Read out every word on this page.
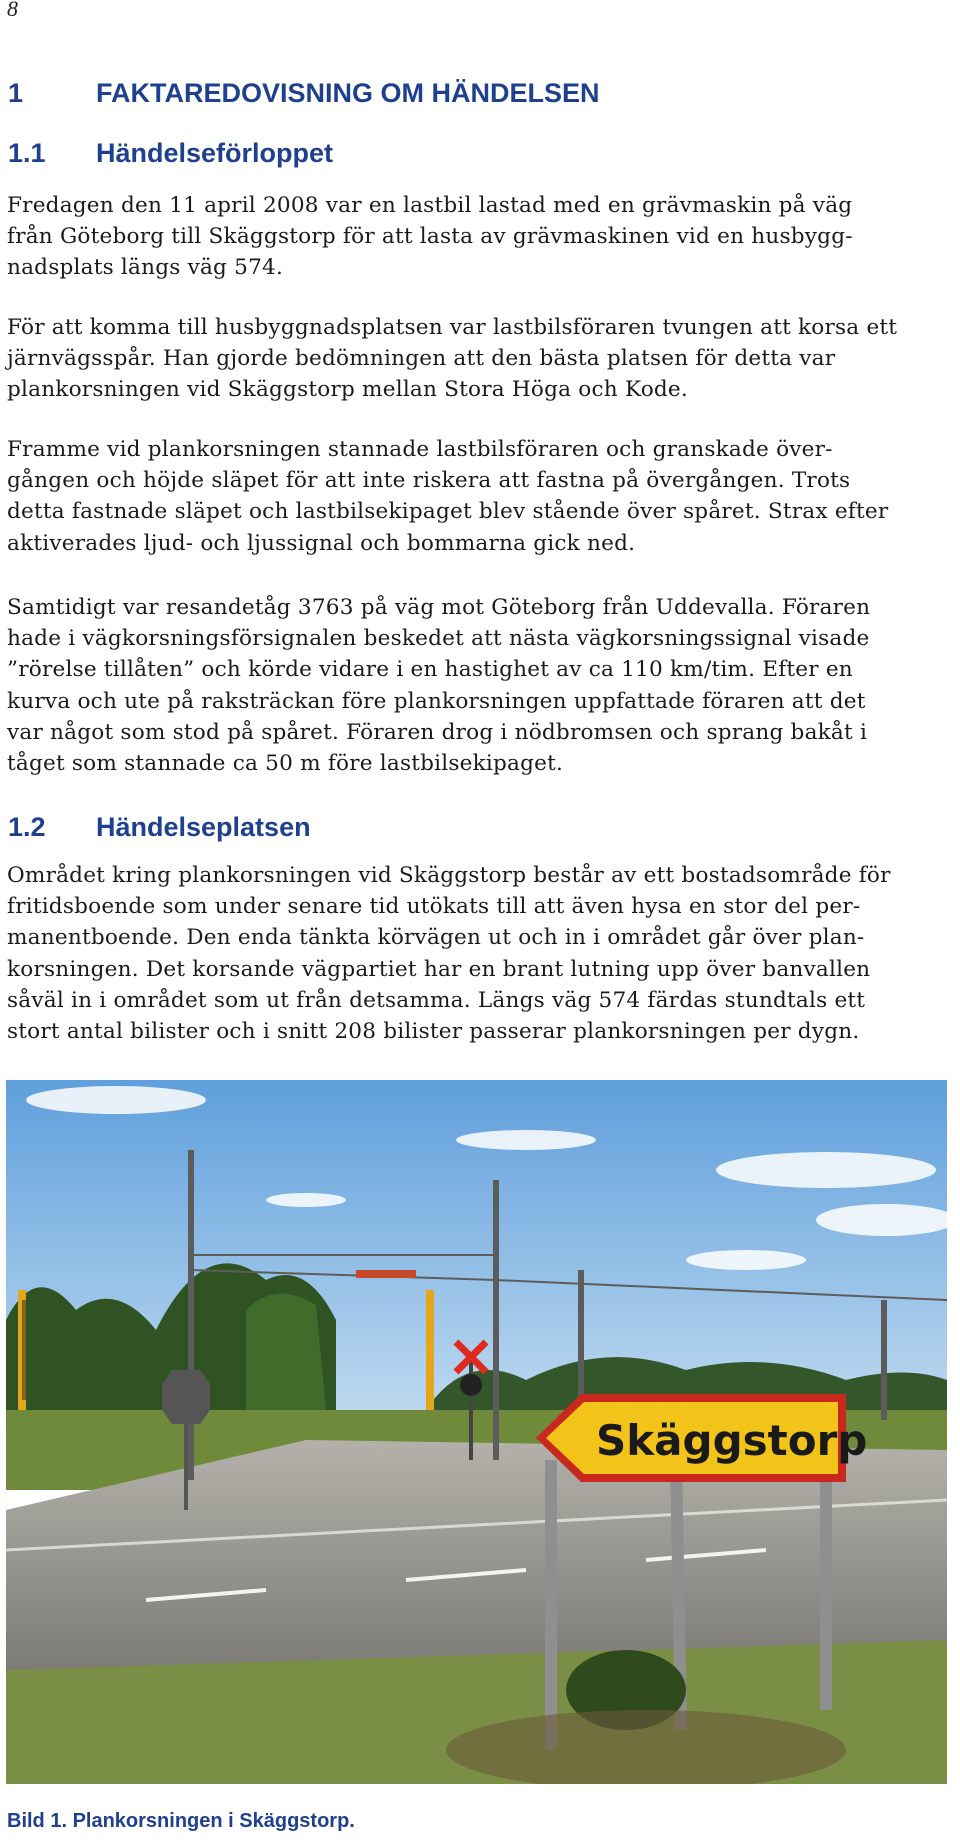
8
1	FAKTAREDOVISNING OM HÄNDELSEN
1.1 Händelseförloppet
Fredagen den 11 april 2008 var en lastbil lastad med en grävmaskin på väg
från Göteborg till Skäggstorp för att lasta av grävmaskinen vid en husbygg-
nadsplats längs väg 574.
För att komma till husbyggnadsplatsen var lastbilsföraren tvungen att korsa ett
järnvägsspår. Han gjorde bedömningen att den bästa platsen för detta var
plankorsningen vid Skäggstorp mellan Stora Höga och Kode.
Framme vid plankorsningen stannade lastbilsföraren och granskade över-
gången och höjde släpet för att inte riskera att fastna på övergången. Trots
detta fastnade släpet och lastbilsekipaget blev stående över spåret. Strax efter
aktiverades ljud- och ljussignal och bommarna gick ned.
Samtidigt var resandetåg 3763 på väg mot Göteborg från Uddevalla. Föraren
hade i vägkorsningsförsignalen beskedet att nästa vägkorsningssignal visade
”rörelse tillåten” och körde vidare i en hastighet av ca 110 km/tim. Efter en
kurva och ute på raksträckan före plankorsningen uppfattade föraren att det
var något som stod på spåret. Föraren drog i nödbromsen och sprang bakåt i
tåget som stannade ca 50 m före lastbilsekipaget.
1.2 Händelseplatsen
Området kring plankorsningen vid Skäggstorp består av ett bostadsområde för
fritidsboende som under senare tid utökats till att även hysa en stor del per-
manentboende. Den enda tänkta körvägen ut och in i området går över plan-
korsningen. Det korsande vägpartiet har en brant lutning upp över banvallen
såväl in i området som ut från detsamma. Längs väg 574 färdas stundtals ett
stort antal bilister och i snitt 208 bilister passerar plankorsningen per dygn.
Skäggstorp
Bild 1. Plankorsningen i Skäggstorp.
